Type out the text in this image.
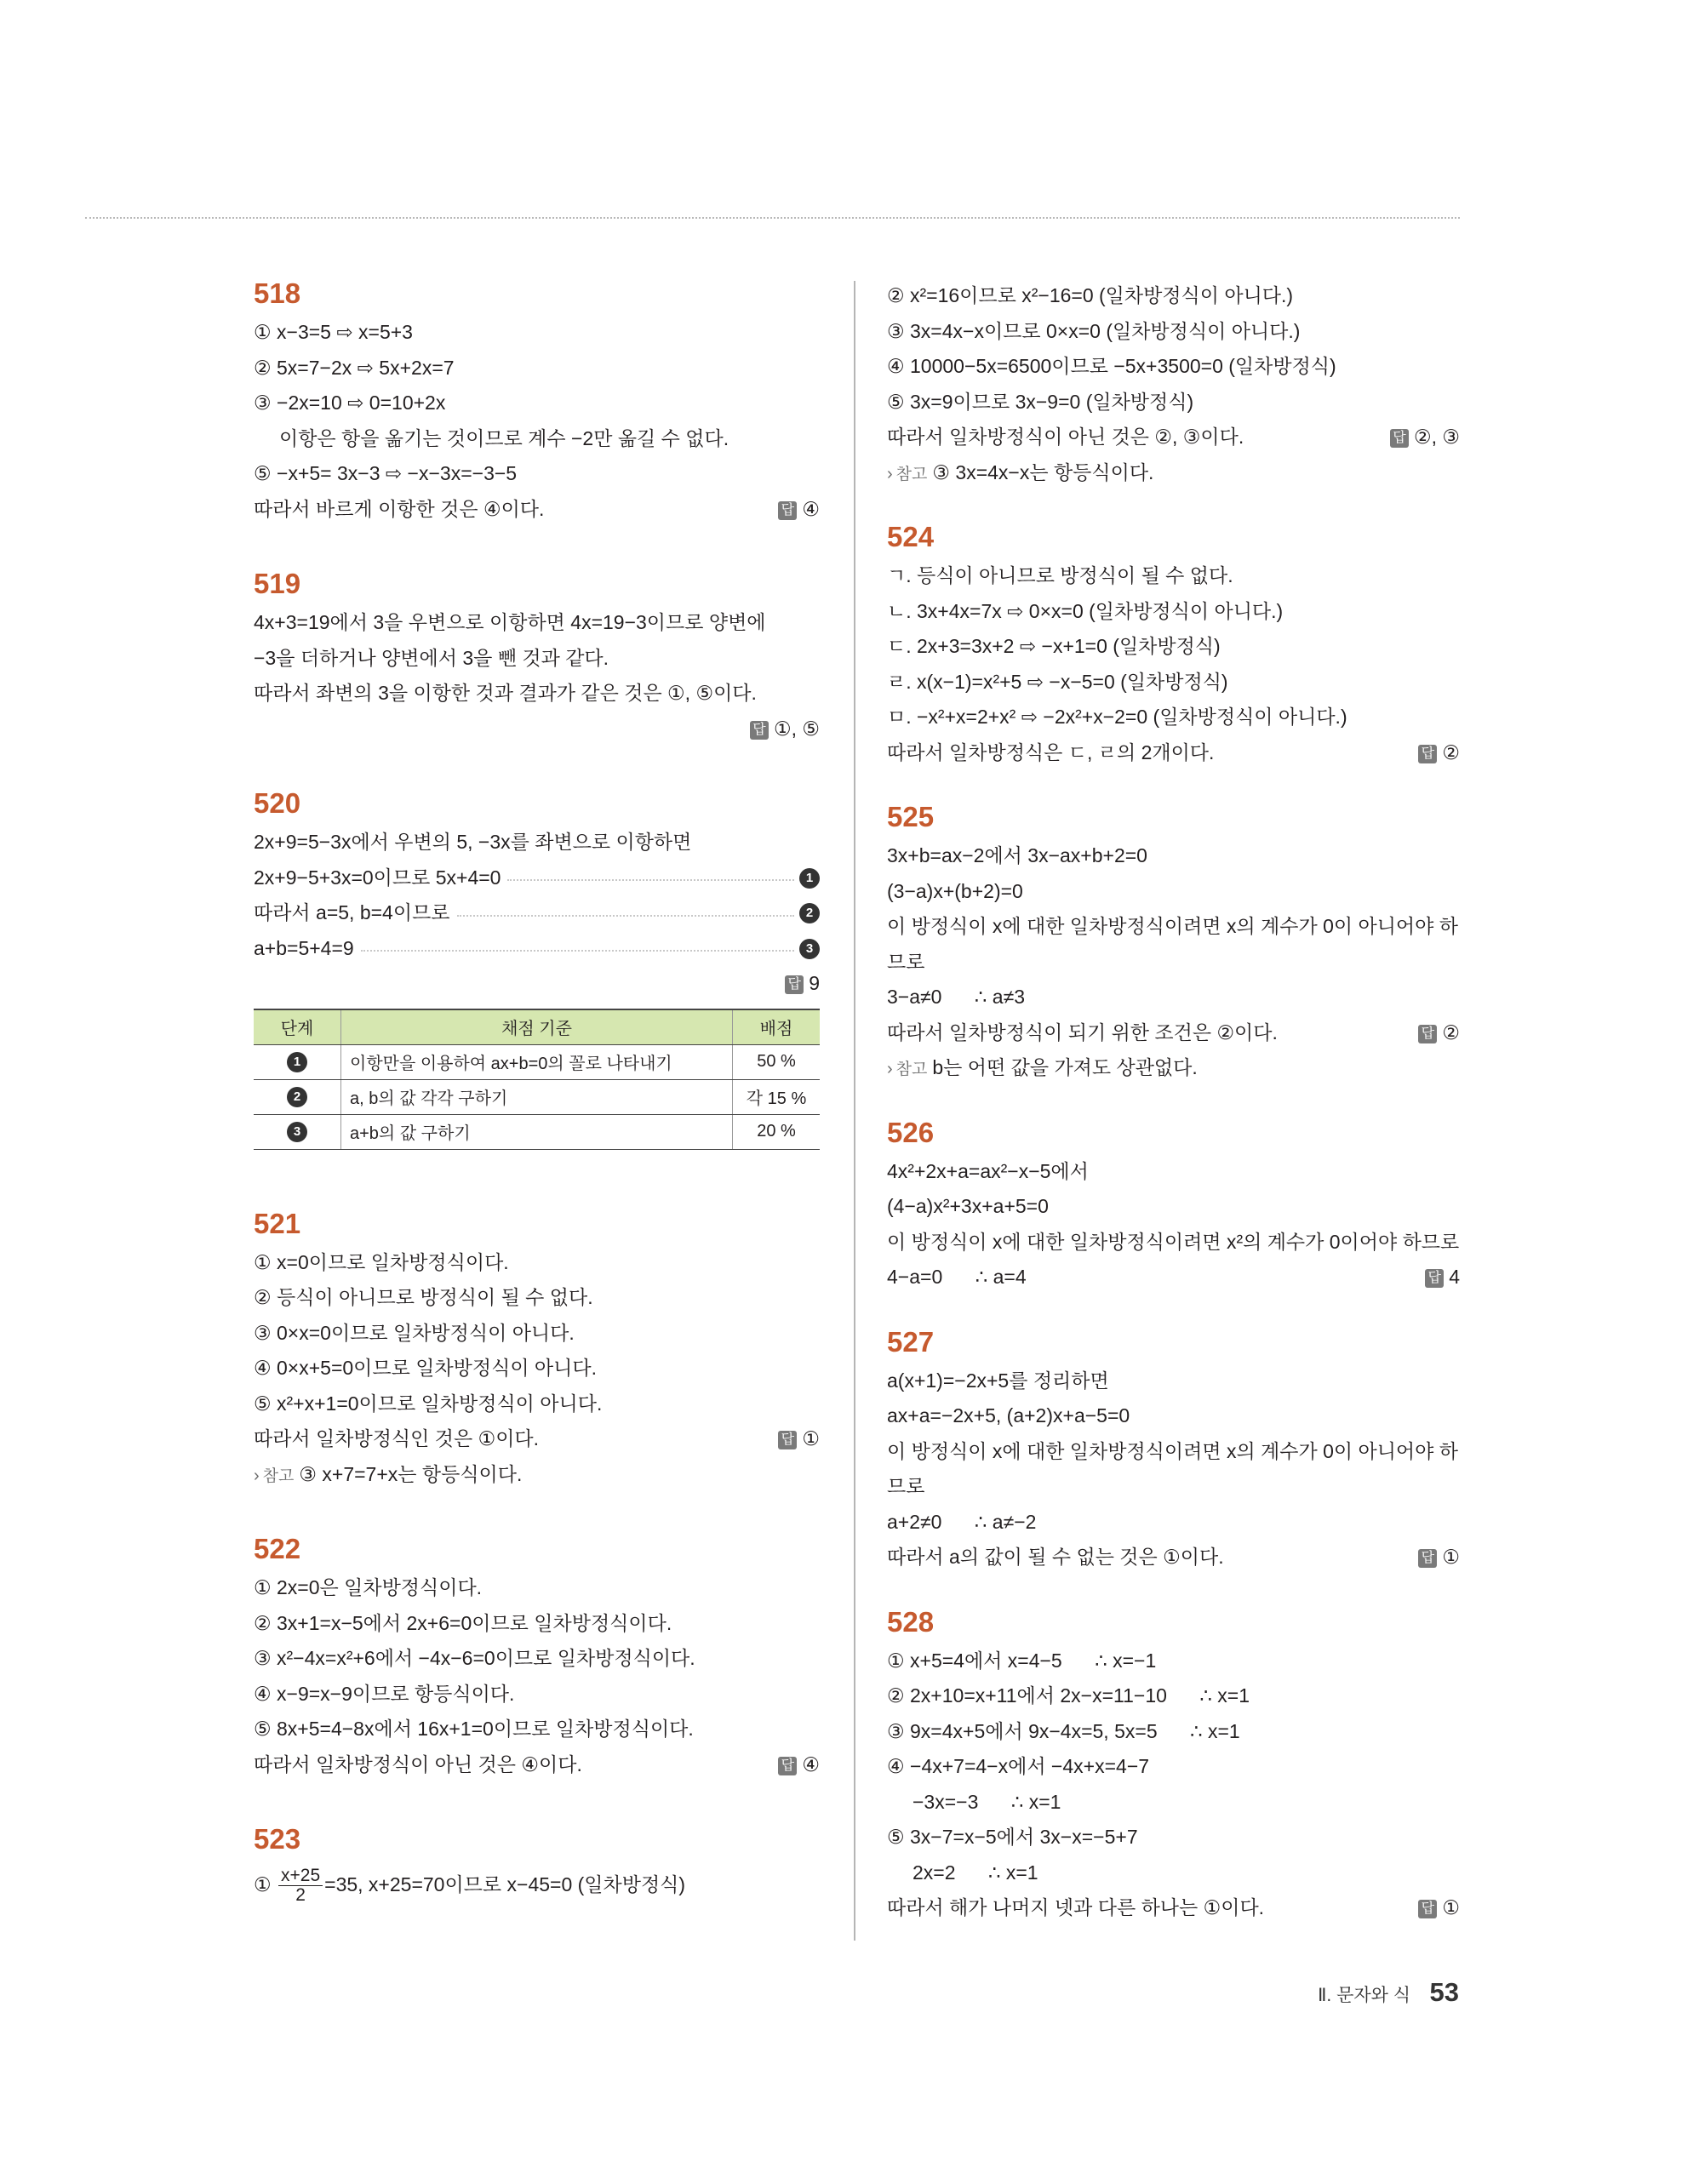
518
① x−3=5 ⇨ x=5+3
② 5x=7−2x ⇨ 5x+2x=7
③ −2x=10 ⇨ 0=10+2x
이항은 항을 옮기는 것이므로 계수 −2만 옮길 수 없다.
⑤ −x+5= 3x−3 ⇨ −x−3x=−3−5
따라서 바르게 이항한 것은 ④이다.	답 ④
519
4x+3=19에서 3을 우변으로 이항하면 4x=19−3이므로 양변에
−3을 더하거나 양변에서 3을 뺀 것과 같다.
따라서 좌변의 3을 이항한 것과 결과가 같은 것은 ①, ⑤이다.
답 ①, ⑤
520
2x+9=5−3x에서 우변의 5, −3x를 좌변으로 이항하면
2x+9−5+3x=0이므로 5x+4=0	1
따라서 a=5, b=4이므로	2
a+b=5+4=9	3
답 9
단계	채점 기준	배점
1	이항만을 이용하여 ax+b=0의 꼴로 나타내기	50 %
2	a, b의 값 각각 구하기	각 15 %
3	a+b의 값 구하기	20 %
521
① x=0이므로 일차방정식이다.
② 등식이 아니므로 방정식이 될 수 없다.
③ 0×x=0이므로 일차방정식이 아니다.
④ 0×x+5=0이므로 일차방정식이 아니다.
⑤ x²+x+1=0이므로 일차방정식이 아니다.
따라서 일차방정식인 것은 ①이다.	답 ①
› 참고 ③ x+7=7+x는 항등식이다.
522
① 2x=0은 일차방정식이다.
② 3x+1=x−5에서 2x+6=0이므로 일차방정식이다.
③ x²−4x=x²+6에서 −4x−6=0이므로 일차방정식이다.
④ x−9=x−9이므로 항등식이다.
⑤ 8x+5=4−8x에서 16x+1=0이므로 일차방정식이다.
따라서 일차방정식이 아닌 것은 ④이다.	답 ④
523
① $\frac{x+25}{2} =35$, x+25=70이므로 x−45=0 (일차방정식)
② x²=16이므로 x²−16=0 (일차방정식이 아니다.)
③ 3x=4x−x이므로 0×x=0 (일차방정식이 아니다.)
④ 10000−5x=6500이므로 −5x+3500=0 (일차방정식)
⑤ 3x=9이므로 3x−9=0 (일차방정식)
따라서 일차방정식이 아닌 것은 ②, ③이다.	답 ②, ③
› 참고 ③ 3x=4x−x는 항등식이다.
524
ㄱ. 등식이 아니므로 방정식이 될 수 없다.
ㄴ. 3x+4x=7x ⇨ 0×x=0 (일차방정식이 아니다.)
ㄷ. 2x+3=3x+2 ⇨ −x+1=0 (일차방정식)
ㄹ. x(x−1)=x²+5 ⇨ −x−5=0 (일차방정식)
ㅁ. −x²+x=2+x² ⇨ −2x²+x−2=0 (일차방정식이 아니다.)
따라서 일차방정식은 ㄷ, ㄹ의 2개이다.	답 ②
525
3x+b=ax−2에서 3x−ax+b+2=0
(3−a)x+(b+2)=0
이 방정식이 x에 대한 일차방정식이려면 x의 계수가 0이 아니어야 하
므로
3−a≠0      ∴ a≠3
따라서 일차방정식이 되기 위한 조건은 ②이다.	답 ②
› 참고 b는 어떤 값을 가져도 상관없다.
526
4x²+2x+a=ax²−x−5에서
(4−a)x²+3x+a+5=0
이 방정식이 x에 대한 일차방정식이려면 x²의 계수가 0이어야 하므로
4−a=0      ∴ a=4	답 4
527
a(x+1)=−2x+5를 정리하면
ax+a=−2x+5, (a+2)x+a−5=0
이 방정식이 x에 대한 일차방정식이려면 x의 계수가 0이 아니어야 하
므로
a+2≠0      ∴ a≠−2
따라서 a의 값이 될 수 없는 것은 ①이다.	답 ①
528
① x+5=4에서 x=4−5      ∴ x=−1
② 2x+10=x+11에서 2x−x=11−10      ∴ x=1
③ 9x=4x+5에서 9x−4x=5, 5x=5      ∴ x=1
④ −4x+7=4−x에서 −4x+x=4−7
−3x=−3      ∴ x=1
⑤ 3x−7=x−5에서 3x−x=−5+7
2x=2      ∴ x=1
따라서 해가 나머지 넷과 다른 하나는 ①이다.	답 ①
Ⅱ. 문자와 식 53
